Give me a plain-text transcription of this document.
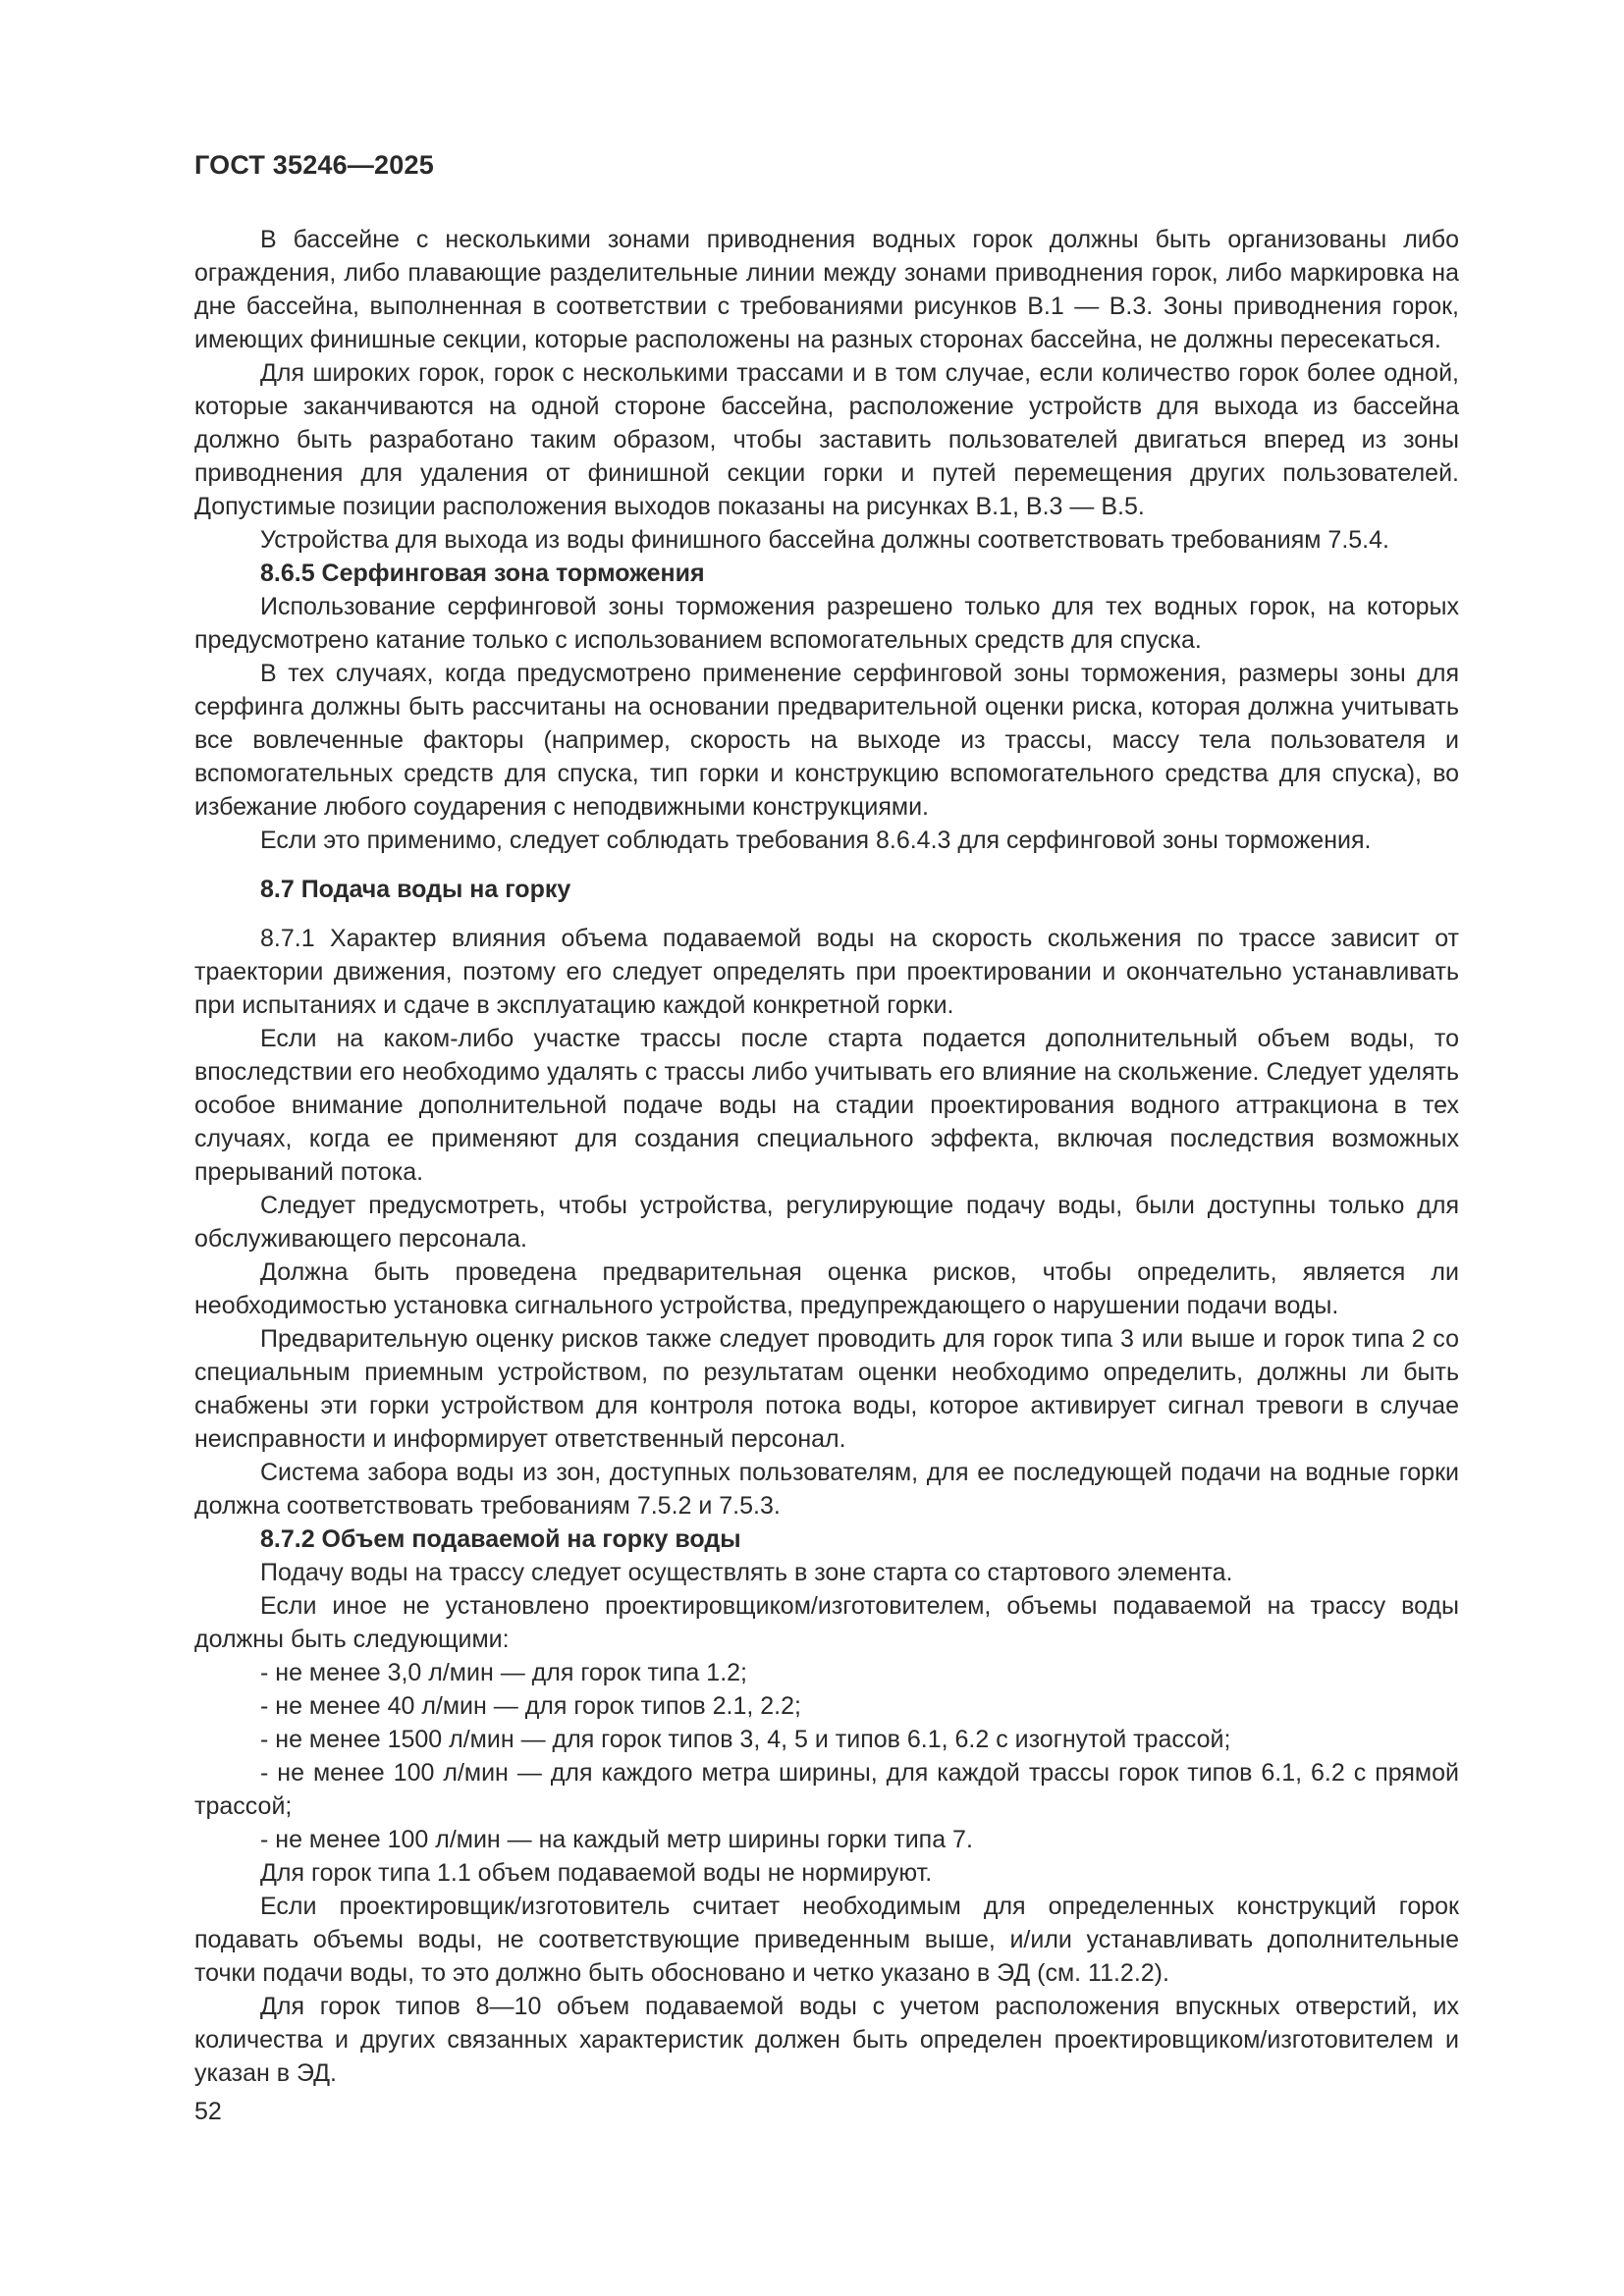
ГОСТ 35246—2025

В бассейне с несколькими зонами приводнения водных горок должны быть организованы либо ограждения, либо плавающие разделительные линии между зонами приводнения горок, либо маркировка на дне бассейна, выполненная в соответствии с требованиями рисунков В.1 — В.3. Зоны приводнения горок, имеющих финишные секции, которые расположены на разных сторонах бассейна, не должны пересекаться.

Для широких горок, горок с несколькими трассами и в том случае, если количество горок более одной, которые заканчиваются на одной стороне бассейна, расположение устройств для выхода из бассейна должно быть разработано таким образом, чтобы заставить пользователей двигаться вперед из зоны приводнения для удаления от финишной секции горки и путей перемещения других пользователей. Допустимые позиции расположения выходов показаны на рисунках В.1, В.3 — В.5.

Устройства для выхода из воды финишного бассейна должны соответствовать требованиям 7.5.4.

8.6.5 Серфинговая зона торможения

Использование серфинговой зоны торможения разрешено только для тех водных горок, на которых предусмотрено катание только с использованием вспомогательных средств для спуска.

В тех случаях, когда предусмотрено применение серфинговой зоны торможения, размеры зоны для серфинга должны быть рассчитаны на основании предварительной оценки риска, которая должна учитывать все вовлеченные факторы (например, скорость на выходе из трассы, массу тела пользователя и вспомогательных средств для спуска, тип горки и конструкцию вспомогательного средства для спуска), во избежание любого соударения с неподвижными конструкциями.

Если это применимо, следует соблюдать требования 8.6.4.3 для серфинговой зоны торможения.

8.7 Подача воды на горку

8.7.1 Характер влияния объема подаваемой воды на скорость скольжения по трассе зависит от траектории движения, поэтому его следует определять при проектировании и окончательно устанавливать при испытаниях и сдаче в эксплуатацию каждой конкретной горки.

Если на каком-либо участке трассы после старта подается дополнительный объем воды, то впоследствии его необходимо удалять с трассы либо учитывать его влияние на скольжение. Следует уделять особое внимание дополнительной подаче воды на стадии проектирования водного аттракциона в тех случаях, когда ее применяют для создания специального эффекта, включая последствия возможных прерываний потока.

Следует предусмотреть, чтобы устройства, регулирующие подачу воды, были доступны только для обслуживающего персонала.

Должна быть проведена предварительная оценка рисков, чтобы определить, является ли необходимостью установка сигнального устройства, предупреждающего о нарушении подачи воды.

Предварительную оценку рисков также следует проводить для горок типа 3 или выше и горок типа 2 со специальным приемным устройством, по результатам оценки необходимо определить, должны ли быть снабжены эти горки устройством для контроля потока воды, которое активирует сигнал тревоги в случае неисправности и информирует ответственный персонал.

Система забора воды из зон, доступных пользователям, для ее последующей подачи на водные горки должна соответствовать требованиям 7.5.2 и 7.5.3.

8.7.2 Объем подаваемой на горку воды

Подачу воды на трассу следует осуществлять в зоне старта со стартового элемента.

Если иное не установлено проектировщиком/изготовителем, объемы подаваемой на трассу воды должны быть следующими:

- не менее 3,0 л/мин — для горок типа 1.2;

- не менее 40 л/мин — для горок типов 2.1, 2.2;

- не менее 1500 л/мин — для горок типов 3, 4, 5 и типов 6.1, 6.2 с изогнутой трассой;

- не менее 100 л/мин — для каждого метра ширины, для каждой трассы горок типов 6.1, 6.2 с прямой трассой;

- не менее 100 л/мин — на каждый метр ширины горки типа 7.

Для горок типа 1.1 объем подаваемой воды не нормируют.

Если проектировщик/изготовитель считает необходимым для определенных конструкций горок подавать объемы воды, не соответствующие приведенным выше, и/или устанавливать дополнительные точки подачи воды, то это должно быть обосновано и четко указано в ЭД (см. 11.2.2).

Для горок типов 8—10 объем подаваемой воды с учетом расположения впускных отверстий, их количества и других связанных характеристик должен быть определен проектировщиком/изготовителем и указан в ЭД.

52
